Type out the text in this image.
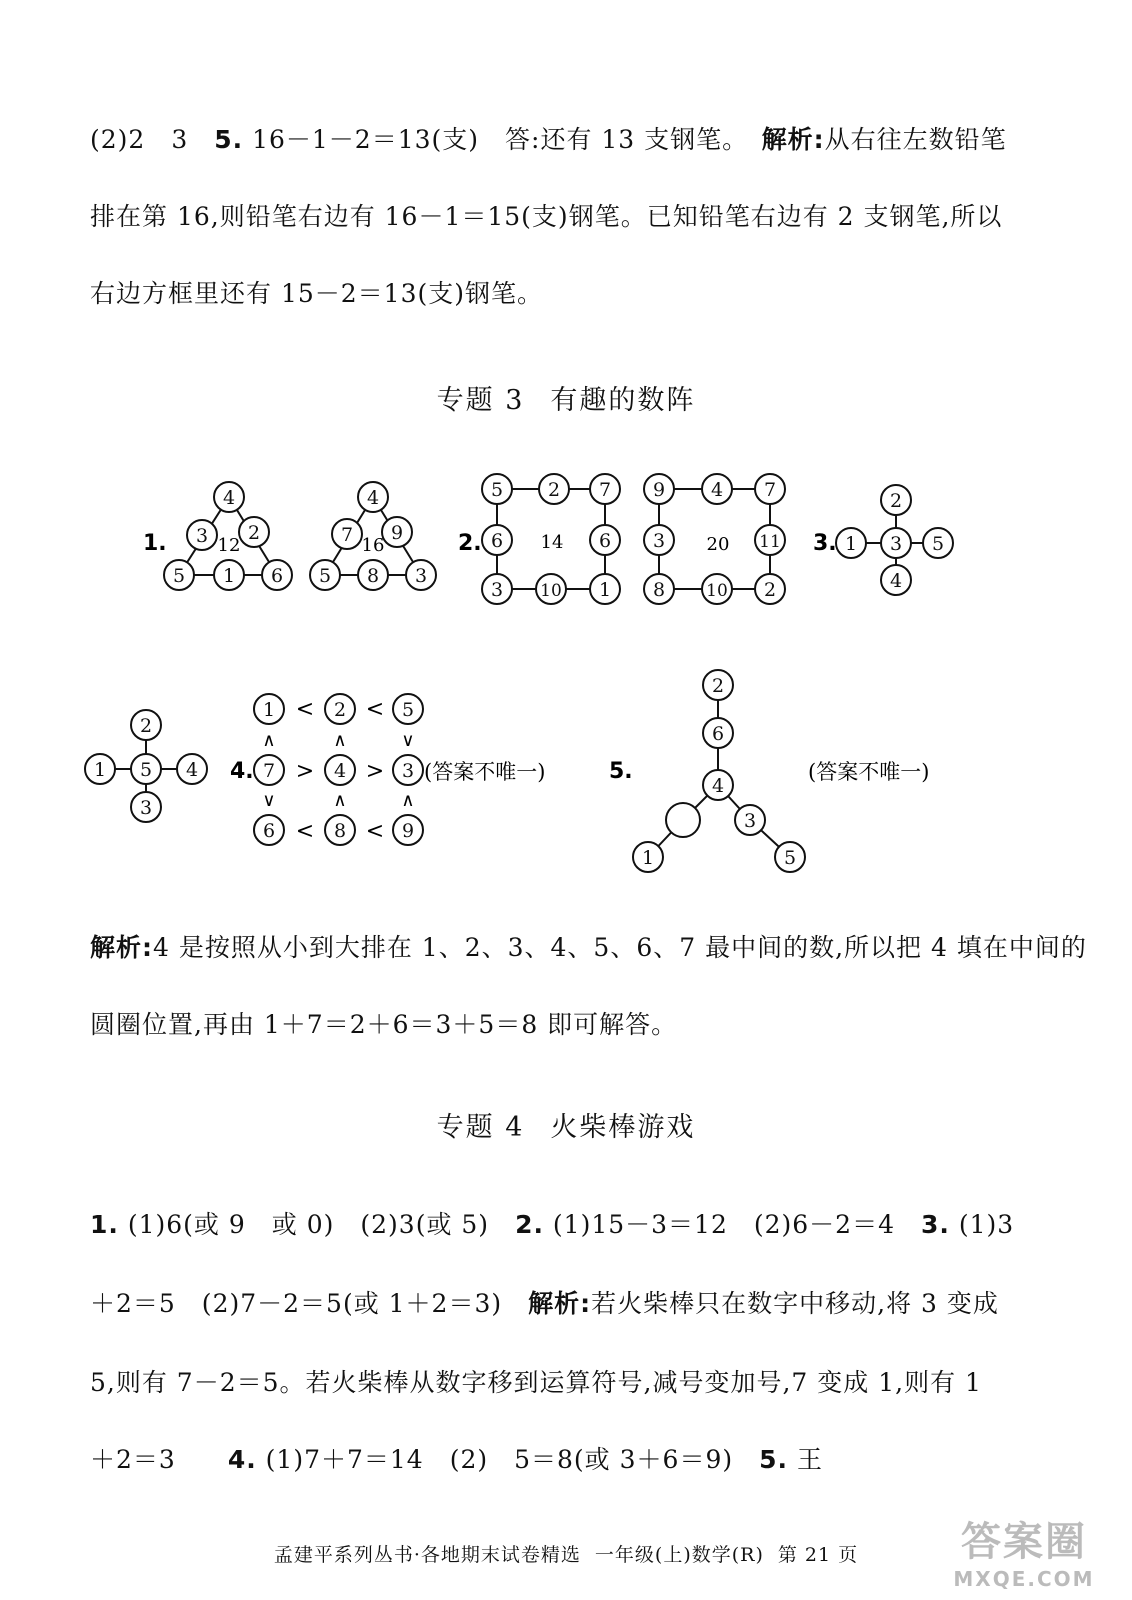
(2)2　3　5. 16－1－2＝13(支)　答:还有 13 支钢笔。　解析:从右往左数铅笔
排在第 16,则铅笔右边有 16－1＝15(支)钢笔。已知铅笔右边有 2 支钢笔,所以
右边方框里还有 15－2＝13(支)钢笔。
专题 3 有趣的数阵
4
3 2
5 1 6
4
7 9
5 8 3
5 2 7
6	6
3 10 1
9 4 7
3	11
8 10 2
2
1 3 5
4
2
1 5 4
3
1	2	5
7	4	3
6	8	9
2
6
4
3
1	5
1.	2.	3.
4.	5.
12	16	14	20
< <
> >
< <
∧	∧	∨
∨	∧	∧
(答案不唯一)	(答案不唯一)
解析:4 是按照从小到大排在 1、2、3、4、5、6、7 最中间的数,所以把 4 填在中间的
圆圈位置,再由 1＋7＝2＋6＝3＋5＝8 即可解答。
专题 4 火柴棒游戏
1. (1)6(或 9　或 0)　(2)3(或 5)　2. (1)15－3＝12　(2)6－2＝4　3. (1)3
＋2＝5　(2)7－2＝5(或 1＋2＝3)　解析:若火柴棒只在数字中移动,将 3 变成
5,则有 7－2＝5。若火柴棒从数字移到运算符号,减号变加号,7 变成 1,则有 1
＋2＝3　　4. (1)7＋7＝14　(2)　5＝8(或 3＋6＝9)　5. 王
孟建平系列丛书·各地期末试卷精选 一年级(上)数学(R) 第 21 页	答案圈
MXQE.COM
